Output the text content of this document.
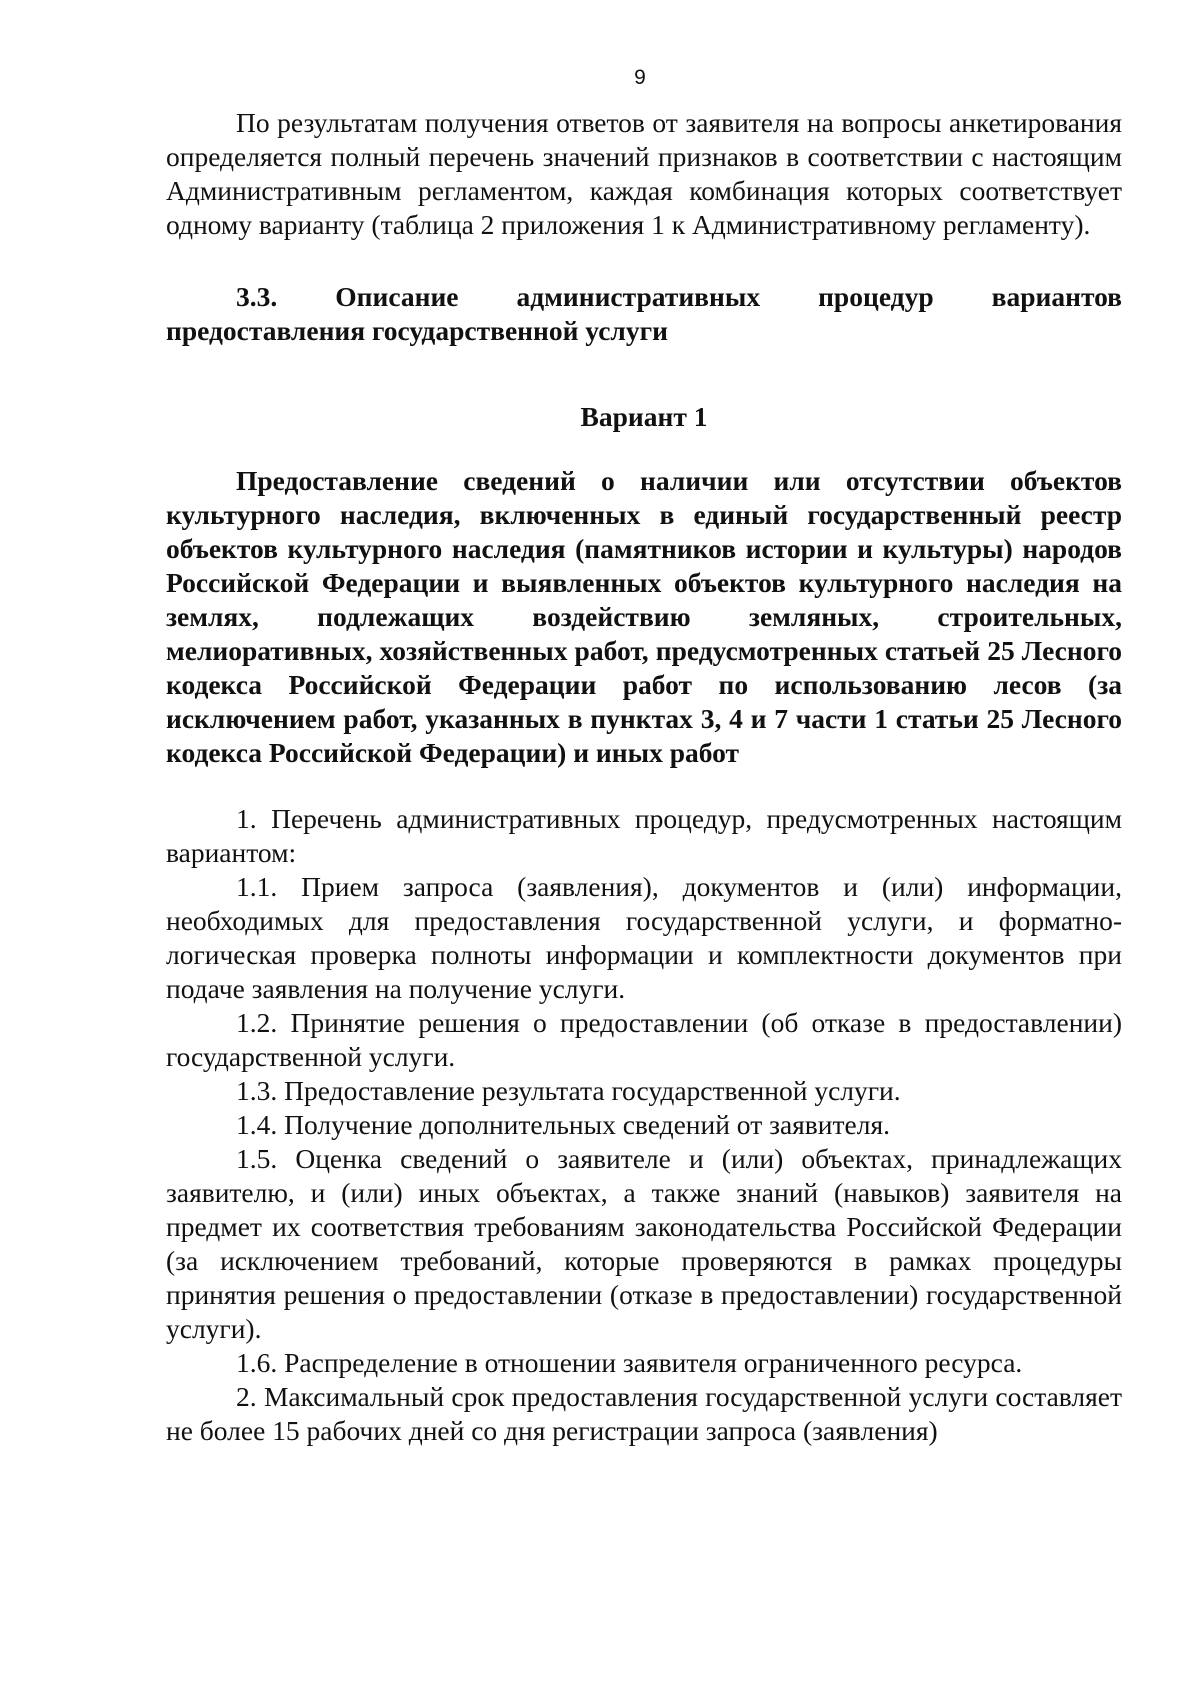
9

По результатам получения ответов от заявителя на вопросы анкетирования определяется полный перечень значений признаков в соответствии с настоящим Административным регламентом, каждая комбинация которых соответствует одному варианту (таблица 2 приложения 1 к Административному регламенту).

3.3. Описание административных процедур вариантов предоставления государственной услуги

Вариант 1

Предоставление сведений о наличии или отсутствии объектов культурного наследия, включенных в единый государственный реестр объектов культурного наследия (памятников истории и культуры) народов Российской Федерации и выявленных объектов культурного наследия на землях, подлежащих воздействию земляных, строительных, мелиоративных, хозяйственных работ, предусмотренных статьей 25 Лесного кодекса Российской Федерации работ по использованию лесов (за исключением работ, указанных в пунктах 3, 4 и 7 части 1 статьи 25 Лесного кодекса Российской Федерации) и иных работ

1. Перечень административных процедур, предусмотренных настоящим вариантом:

1.1. Прием запроса (заявления), документов и (или) информации, необходимых для предоставления государственной услуги, и форматно-логическая проверка полноты информации и комплектности документов при подаче заявления на получение услуги.

1.2. Принятие решения о предоставлении (об отказе в предоставлении) государственной услуги.

1.3. Предоставление результата государственной услуги.

1.4. Получение дополнительных сведений от заявителя.

1.5. Оценка сведений о заявителе и (или) объектах, принадлежащих заявителю, и (или) иных объектах, а также знаний (навыков) заявителя на предмет их соответствия требованиям законодательства Российской Федерации (за исключением требований, которые проверяются в рамках процедуры принятия решения о предоставлении (отказе в предоставлении) государственной услуги).

1.6. Распределение в отношении заявителя ограниченного ресурса.

2. Максимальный срок предоставления государственной услуги составляет не более 15 рабочих дней со дня регистрации запроса (заявления)
